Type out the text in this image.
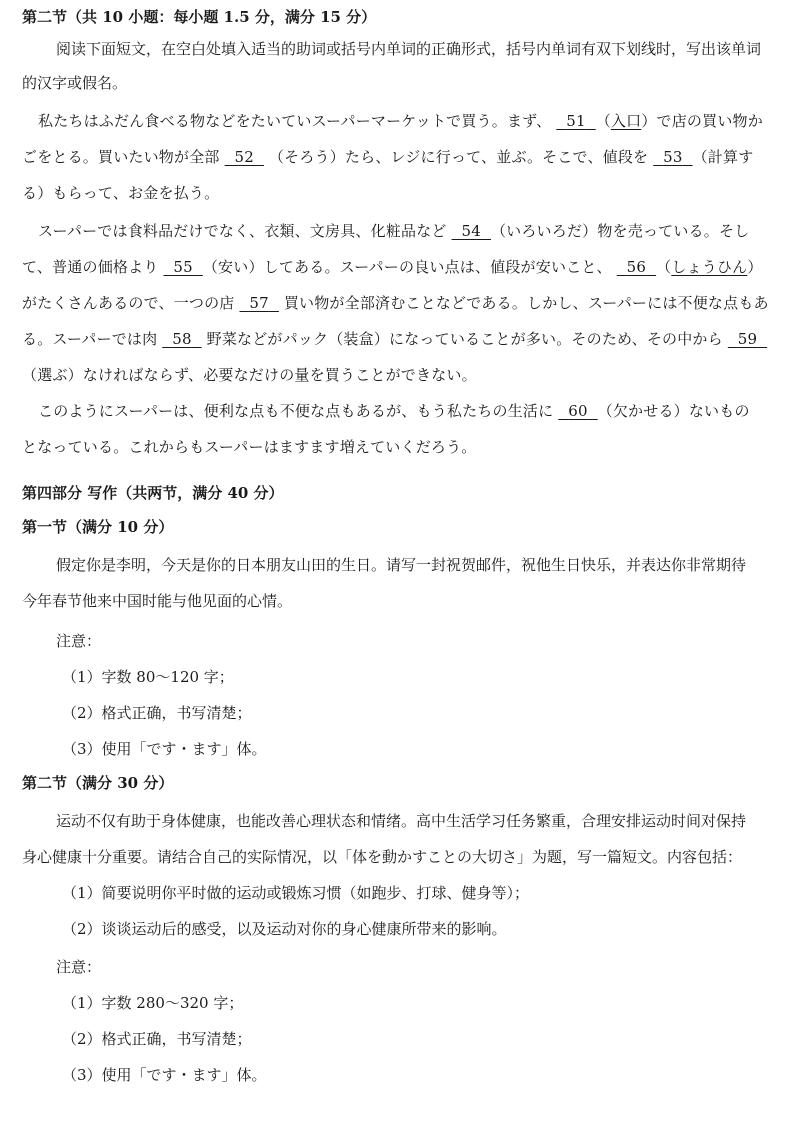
第二节（共 10 小题：每小题 1.5 分，满分 15 分）
阅读下面短文，在空白处填入适当的助词或括号内单词的正确形式，括号内单词有双下划线时，写出该单词
的汉字或假名。
私たちはふだん食べる物などをたいていスーパーマーケットで買う。まず、 51 （入口）で店の買い物か
ごをとる。買いたい物が全部 52 （そろう）たら、レジに行って、並ぶ。そこで、値段を 53 （計算す
る）もらって、お金を払う。
スーパーでは食料品だけでなく、衣類、文房具、化粧品など 54 （いろいろだ）物を売っている。そし
て、普通の価格より 55 （安い）してある。スーパーの良い点は、値段が安いこと、 56 （しょうひん）
がたくさんあるので、一つの店 57 買い物が全部済むことなどである。しかし、スーパーには不便な点もあ
る。スーパーでは肉 58 野菜などがパック（装盒）になっていることが多い。そのため、その中から 59
（選ぶ）なければならず、必要なだけの量を買うことができない。
このようにスーパーは、便利な点も不便な点もあるが、もう私たちの生活に 60 （欠かせる）ないもの
となっている。これからもスーパーはますます増えていくだろう。
第四部分 写作（共两节，满分 40 分）
第一节（满分 10 分）
假定你是李明，今天是你的日本朋友山田的生日。请写一封祝贺邮件，祝他生日快乐，并表达你非常期待
今年春节他来中国时能与他见面的心情。
注意：
（1）字数 80～120 字；
（2）格式正确，书写清楚；
（3）使用「です・ます」体。
第二节（满分 30 分）
运动不仅有助于身体健康，也能改善心理状态和情绪。高中生活学习任务繁重，合理安排运动时间对保持
身心健康十分重要。请结合自己的实际情况，以「体を動かすことの大切さ」为题，写一篇短文。内容包括：
（1）简要说明你平时做的运动或锻炼习惯（如跑步、打球、健身等）；
（2）谈谈运动后的感受，以及运动对你的身心健康所带来的影响。
注意：
（1）字数 280～320 字；
（2）格式正确，书写清楚；
（3）使用「です・ます」体。
